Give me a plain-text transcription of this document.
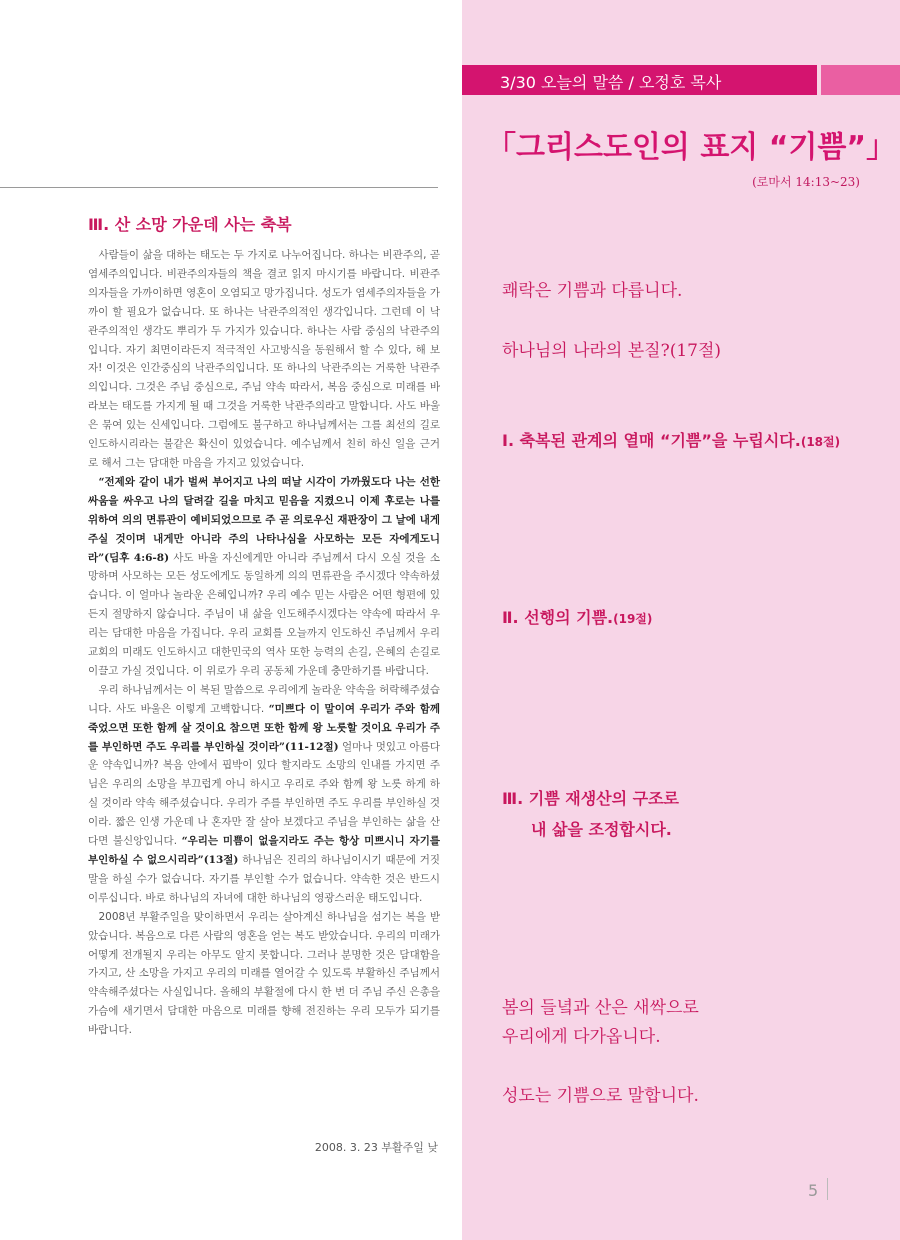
3/30 오늘의 말씀 / 오정호 목사
「그리스도인의 표지 “기쁨”」
(로마서 14:13~23)
Ⅲ. 산 소망 가운데 사는 축복

사람들이 삶을 대하는 태도는 두 가지로 나누어집니다. 하나는 비관주의, 곧 염세주의입니다. 비관주의자들의 책을 결코 읽지 마시기를 바랍니다. 비관주의자들을 가까이하면 영혼이 오염되고 망가집니다. 성도가 염세주의자들을 가까이 할 필요가 없습니다. 또 하나는 낙관주의적인 생각입니다. 그런데 이 낙관주의적인 생각도 뿌리가 두 가지가 있습니다. 하나는 사람 중심의 낙관주의입니다. 자기 최면이라든지 적극적인 사고방식을 동원해서 할 수 있다, 해 보자! 이것은 인간중심의 낙관주의입니다. 또 하나의 낙관주의는 거룩한 낙관주의입니다. 그것은 주님 중심으로, 주님 약속 따라서, 복음 중심으로 미래를 바라보는 태도를 가지게 될 때 그것을 거룩한 낙관주의라고 말합니다. 사도 바울은 묶여 있는 신세입니다. 그럼에도 불구하고 하나님께서는 그를 최선의 길로 인도하시리라는 불같은 확신이 있었습니다. 예수님께서 친히 하신 일을 근거로 해서 그는 담대한 마음을 가지고 있었습니다.

“전제와 같이 내가 벌써 부어지고 나의 떠날 시각이 가까웠도다 나는 선한 싸움을 싸우고 나의 달려갈 길을 마치고 믿음을 지켰으니 이제 후로는 나를 위하여 의의 면류관이 예비되었으므로 주 곧 의로우신 재판장이 그 날에 내게 주실 것이며 내게만 아니라 주의 나타나심을 사모하는 모든 자에게도니라”(딤후 4:6-8) 사도 바울 자신에게만 아니라 주님께서 다시 오실 것을 소망하며 사모하는 모든 성도에게도 동일하게 의의 면류관을 주시겠다 약속하셨습니다. 이 얼마나 놀라운 은혜입니까? 우리 예수 믿는 사람은 어떤 형편에 있든지 절망하지 않습니다. 주님이 내 삶을 인도해주시겠다는 약속에 따라서 우리는 담대한 마음을 가집니다. 우리 교회를 오늘까지 인도하신 주님께서 우리 교회의 미래도 인도하시고 대한민국의 역사 또한 능력의 손길, 은혜의 손길로 이끌고 가실 것입니다. 이 위로가 우리 공동체 가운데 충만하기를 바랍니다.

우리 하나님께서는 이 복된 말씀으로 우리에게 놀라운 약속을 허락해주셨습니다. 사도 바울은 이렇게 고백합니다. “미쁘다 이 말이여 우리가 주와 함께 죽었으면 또한 함께 살 것이요 참으면 또한 함께 왕 노릇할 것이요 우리가 주를 부인하면 주도 우리를 부인하실 것이라”(11-12절) 얼마나 멋있고 아름다운 약속입니까? 복음 안에서 핍박이 있다 할지라도 소망의 인내를 가지면 주님은 우리의 소망을 부끄럽게 아니 하시고 우리로 주와 함께 왕 노릇 하게 하실 것이라 약속 해주셨습니다. 우리가 주를 부인하면 주도 우리를 부인하실 것이라. 짧은 인생 가운데 나 혼자만 잘 살아 보겠다고 주님을 부인하는 삶을 산다면 불신앙입니다. “우리는 미쁨이 없을지라도 주는 항상 미쁘시니 자기를 부인하실 수 없으시리라”(13절) 하나님은 진리의 하나님이시기 때문에 거짓말을 하실 수가 없습니다. 자기를 부인할 수가 없습니다. 약속한 것은 반드시 이루십니다. 바로 하나님의 자녀에 대한 하나님의 영광스러운 태도입니다.

2008년 부활주일을 맞이하면서 우리는 살아계신 하나님을 섬기는 복을 받았습니다. 복음으로 다른 사람의 영혼을 얻는 복도 받았습니다. 우리의 미래가 어떻게 전개될지 우리는 아무도 알지 못합니다. 그러나 분명한 것은 담대함을 가지고, 산 소망을 가지고 우리의 미래를 열어갈 수 있도록 부활하신 주님께서 약속해주셨다는 사실입니다. 올해의 부활절에 다시 한 번 더 주님 주신 은총을 가슴에 새기면서 담대한 마음으로 미래를 향해 전진하는 우리 모두가 되기를 바랍니다.

2008. 3. 23 부활주일 낮
쾌락은 기쁨과 다릅니다.
하나님의 나라의 본질?(17절)
Ⅰ. 축복된 관계의 열매 “기쁨”을 누립시다.(18절)
Ⅱ. 선행의 기쁨.(19절)
Ⅲ. 기쁨 재생산의 구조로
내 삶을 조정합시다.
봄의 들녘과 산은 새싹으로
우리에게 다가옵니다.
성도는 기쁨으로 말합니다.
5
